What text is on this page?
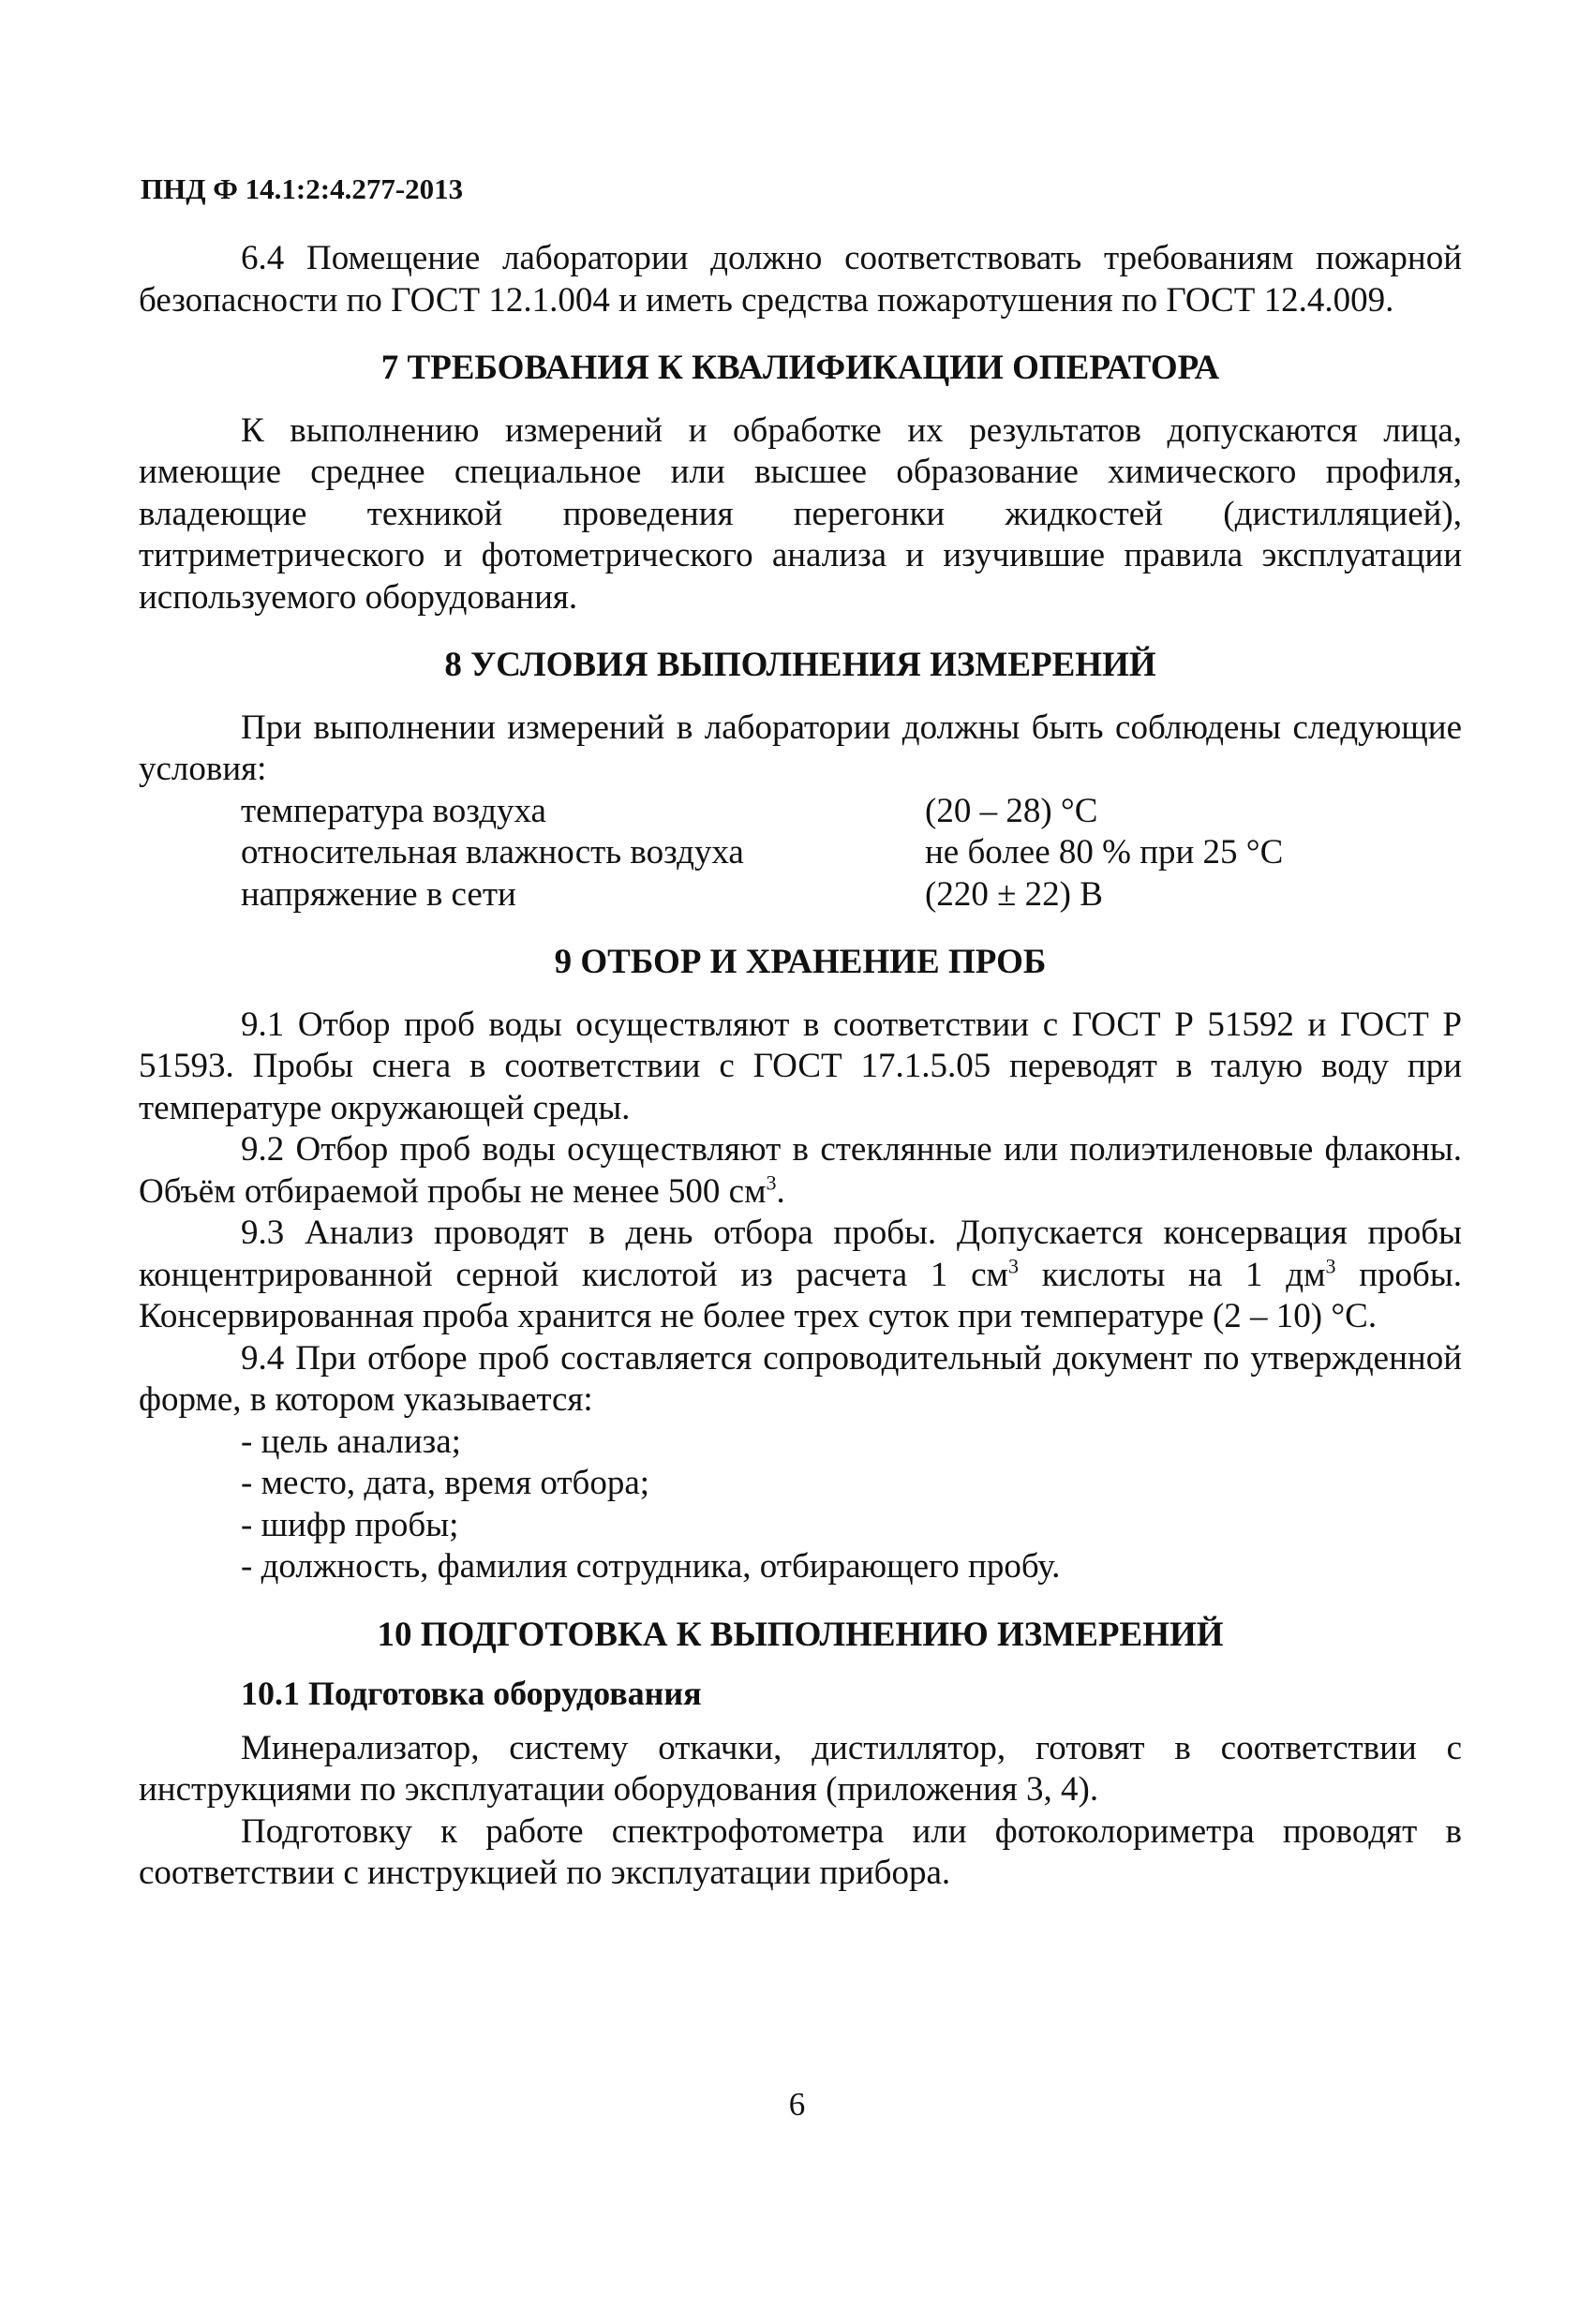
ПНД Ф 14.1:2:4.277-2013

6.4 Помещение лаборатории должно соответствовать требованиям пожарной безопасности по ГОСТ 12.1.004 и иметь средства пожаротушения по ГОСТ 12.4.009.

7 ТРЕБОВАНИЯ К КВАЛИФИКАЦИИ ОПЕРАТОРА

К выполнению измерений и обработке их результатов допускаются лица, имеющие среднее специальное или высшее образование химического профиля, владеющие техникой проведения перегонки жидкостей (дистилляцией), титриметрического и фотометрического анализа и изучившие правила эксплуатации используемого оборудования.

8 УСЛОВИЯ ВЫПОЛНЕНИЯ ИЗМЕРЕНИЙ

При выполнении измерений в лаборатории должны быть соблюдены следующие условия:

температура воздуха	(20 – 28) °С
относительная влажность воздуха	не более 80 % при 25 °С
напряжение в сети	(220 ± 22) В
9 ОТБОР И ХРАНЕНИЕ ПРОБ

9.1 Отбор проб воды осуществляют в соответствии с ГОСТ Р 51592 и ГОСТ Р 51593. Пробы снега в соответствии с ГОСТ 17.1.5.05 переводят в талую воду при температуре окружающей среды.

9.2 Отбор проб воды осуществляют в стеклянные или полиэтиленовые флаконы. Объём отбираемой пробы не менее 500 $см^3$.

9.3 Анализ проводят в день отбора пробы. Допускается консервация пробы концентрированной серной кислотой из расчета 1 $см^3$ кислоты на 1 $дм^3$ пробы. Консервированная проба хранится не более трех суток при температуре (2 – 10) °С.

9.4 При отборе проб составляется сопроводительный документ по утвержденной форме, в котором указывается:

- цель анализа;
- место, дата, время отбора;
- шифр пробы;
- должность, фамилия сотрудника, отбирающего пробу.
10 ПОДГОТОВКА К ВЫПОЛНЕНИЮ ИЗМЕРЕНИЙ
10.1 Подготовка оборудования

Минерализатор, систему откачки, дистиллятор, готовят в соответствии с инструкциями по эксплуатации оборудования (приложения 3, 4).

Подготовку к работе спектрофотометра или фотоколориметра проводят в соответствии с инструкцией по эксплуатации прибора.

6
